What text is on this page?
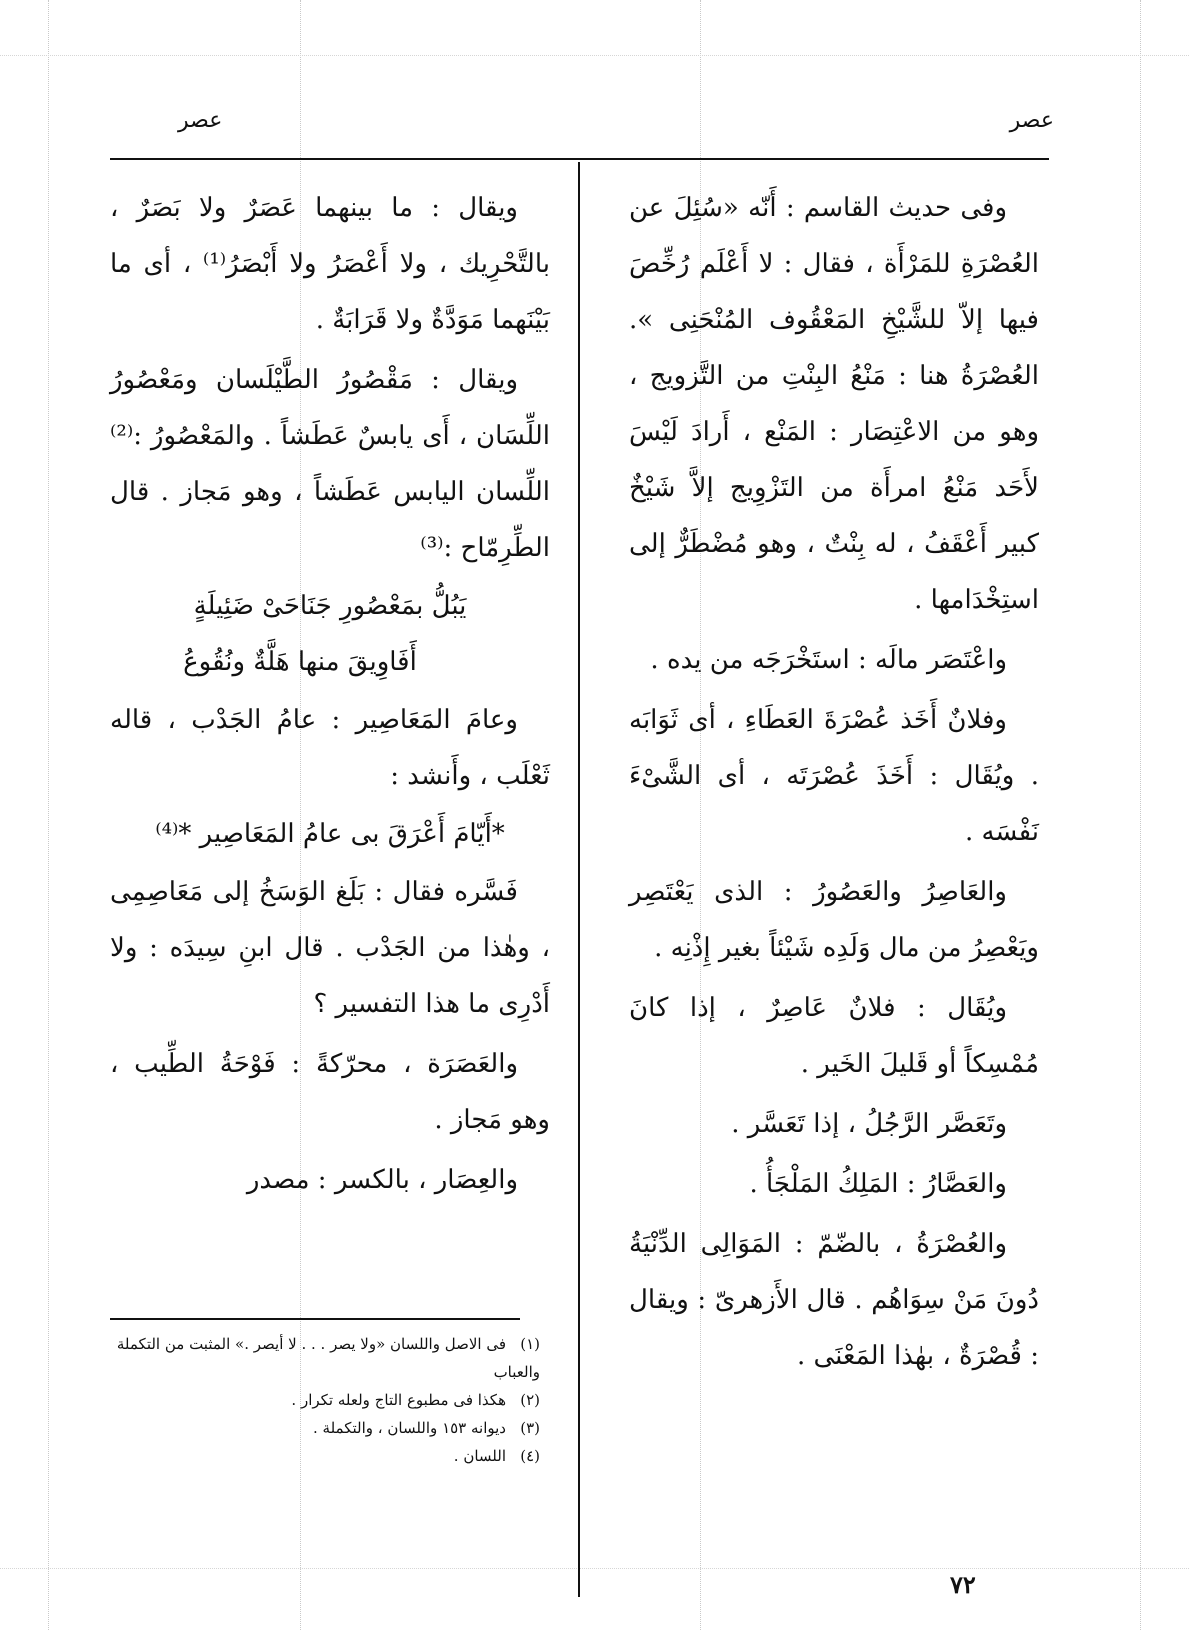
عصر
عصر

وفى حديث القاسم : أَنّه «سُئِلَ عن العُصْرَةِ للمَرْأَة ، فقال : لا أَعْلَم رُخِّصَ فيها إلاّ للشَّيْخِ المَعْقُوف المُنْحَنِى ». العُصْرَةُ هنا : مَنْعُ البِنْتِ من التَّزويج ، وهو من الاعْتِصَار : المَنْع ، أَرادَ لَيْسَ لأَحَد مَنْعُ امرأَة من التَزْوِيج إلاَّ شَيْخٌ كبير أَعْقَفُ ، له بِنْتٌ ، وهو مُضْطَرٌّ إلى استِخْدَامها .

واعْتَصَر مالَه : استَخْرَجَه من يده .

وفلانٌ أَخَذ عُصْرَةَ العَطَاءِ ، أى ثَوَابَه . ويُقَال : أَخَذَ عُصْرَتَه ، أى الشَّىْءَ نَفْسَه .

والعَاصِرُ والعَصُورُ : الذى يَعْتَصِر ويَعْصِرُ من مال وَلَدِه شَيْئاً بغير إِذْنِه .

ويُقَال : فلانٌ عَاصِرٌ ، إذا كانَ مُمْسِكاً أو قَليلَ الخَير .

وتَعَصَّر الرَّجُلُ ، إذا تَعَسَّر .

والعَصَّارُ : المَلِكُ المَلْجَأُ .

والعُصْرَةُ ، بالضّمّ : المَوَالِى الدِّنْيَةُ دُونَ مَنْ سِوَاهُم . قال الأَزهرىّ : ويقال : قُصْرَةٌ ، بهٰذا المَعْنَى .

ويقال : ما بينهما عَصَرٌ ولا بَصَرٌ ، بالتَّحْرِيك ، ولا أَعْصَرُ ولا أَبْصَرُ⁽¹⁾ ، أى ما بَيْنَهما مَوَدَّةٌ ولا قَرَابَةٌ .

ويقال : مَقْصُورُ الطَّيْلَسان ومَعْصُورُ اللِّسَان ، أَى يابسٌ عَطَشاً . والمَعْصُورُ :⁽²⁾ اللِّسان اليابس عَطَشاً ، وهو مَجاز . قال الطِّرِمّاح :⁽³⁾

يَبُلُّ بمَعْصُورِ جَنَاحَىْ ضَئِيلَةٍ

أَفَاوِيقَ منها هَلَّةٌ ونُقُوعُ

وعامَ المَعَاصِير : عامُ الجَدْب ، قاله ثَعْلَب ، وأَنشد :

*أَيّامَ أَعْرَقَ بى عامُ المَعَاصِير *⁽⁴⁾

فَسَّره فقال : بَلَغ الوَسَخُ إلى مَعَاصِمِى ، وهٰذا من الجَدْب . قال ابنِ سِيدَه : ولا أَدْرِى ما هذا التفسير ؟

والعَصَرَة ، محرّكةً : فَوْحَةُ الطِّيب ، وهو مَجاز .

والعِصَار ، بالكسر : مصدر

(١)فى الاصل واللسان «ولا يصر . . . لا أيصر .» المثبت من التكملة والعباب

(٢)هكذا فى مطبوع التاج ولعله تكرار .

(٣)ديوانه ١٥٣ واللسان ، والتكملة .

(٤)اللسان .

٧٢
